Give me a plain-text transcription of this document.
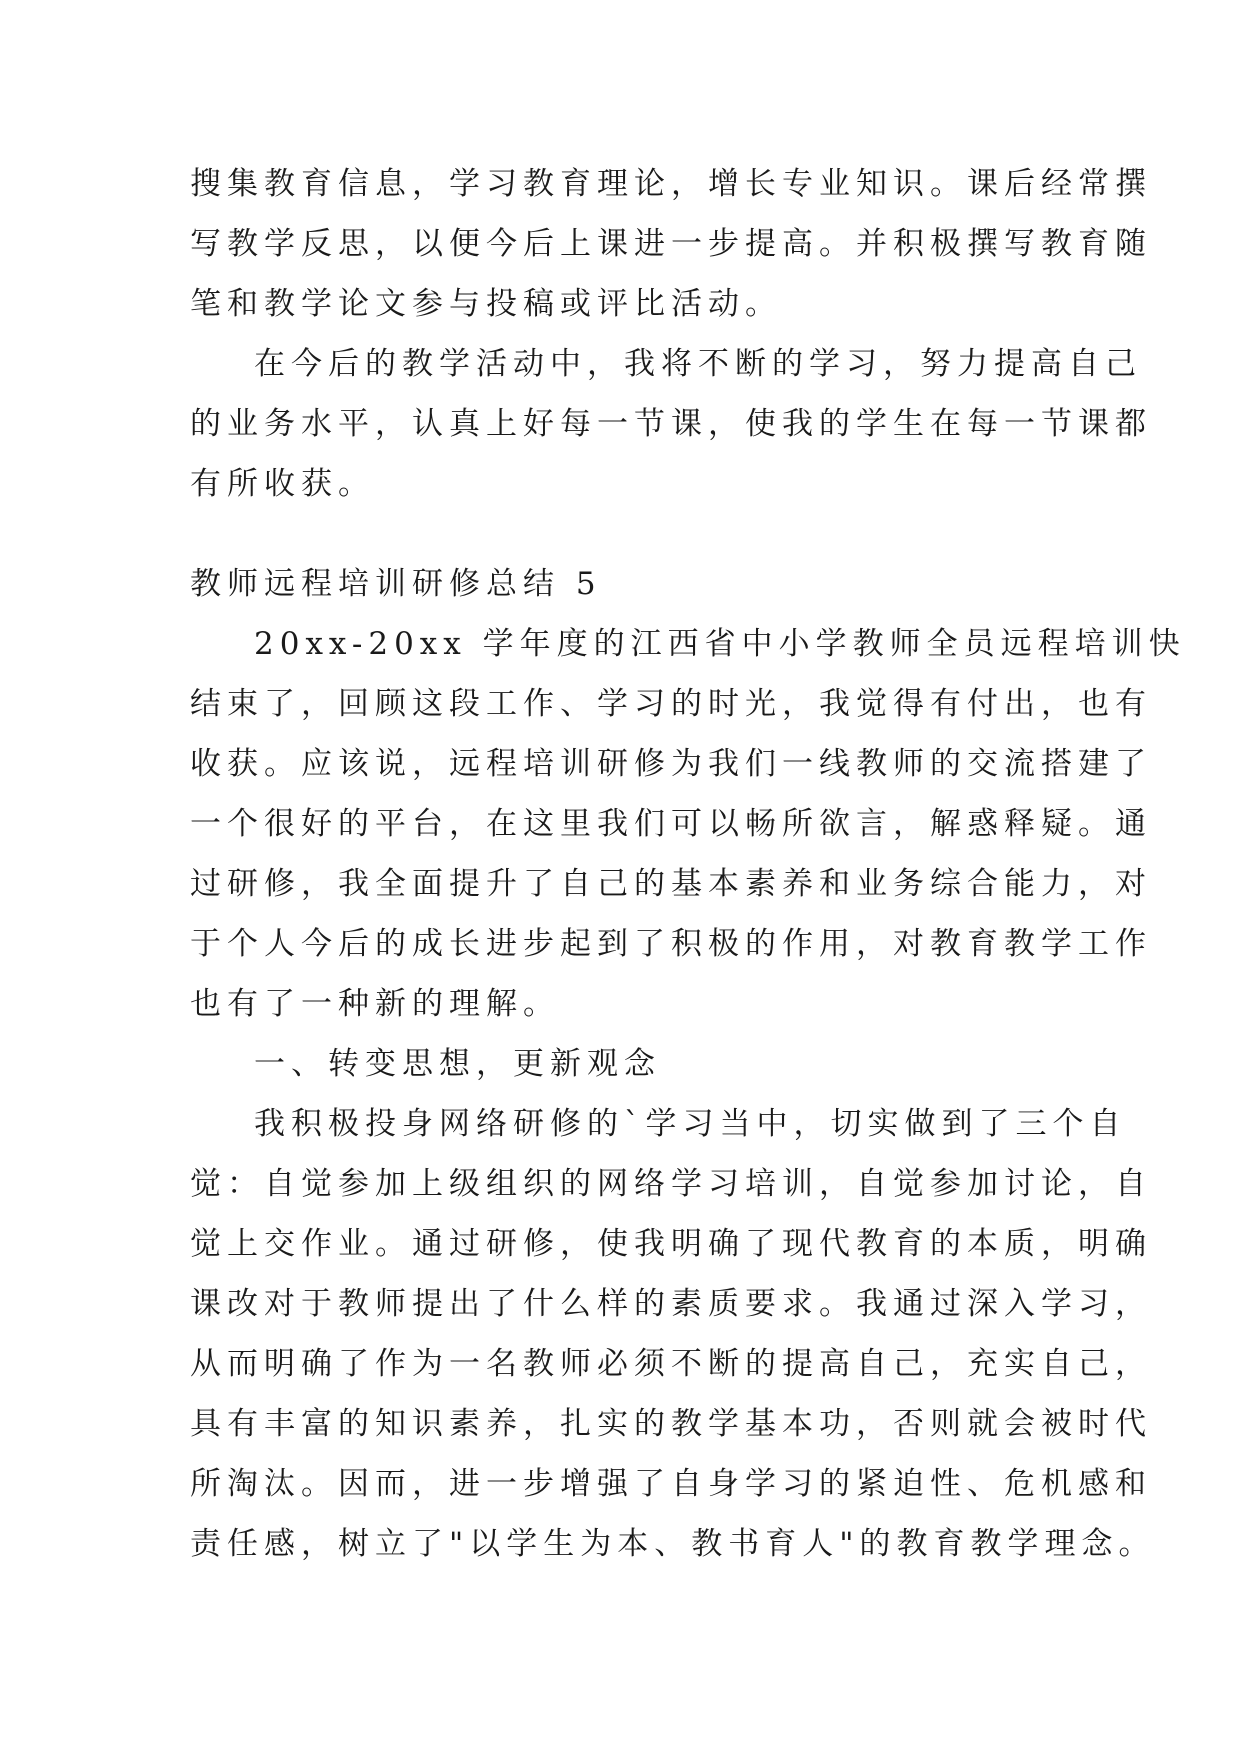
搜集教育信息，学习教育理论，增长专业知识。课后经常撰
写教学反思，以便今后上课进一步提高。并积极撰写教育随
笔和教学论文参与投稿或评比活动。
在今后的教学活动中，我将不断的学习，努力提高自己
的业务水平，认真上好每一节课，使我的学生在每一节课都
有所收获。
教师远程培训研修总结 5
20xx-20xx 学年度的江西省中小学教师全员远程培训快
结束了，回顾这段工作、学习的时光，我觉得有付出，也有
收获。应该说，远程培训研修为我们一线教师的交流搭建了
一个很好的平台，在这里我们可以畅所欲言，解惑释疑。通
过研修，我全面提升了自己的基本素养和业务综合能力，对
于个人今后的成长进步起到了积极的作用，对教育教学工作
也有了一种新的理解。
一、转变思想，更新观念
我积极投身网络研修的`学习当中，切实做到了三个自
觉：自觉参加上级组织的网络学习培训，自觉参加讨论，自
觉上交作业。通过研修，使我明确了现代教育的本质，明确
课改对于教师提出了什么样的素质要求。我通过深入学习，
从而明确了作为一名教师必须不断的提高自己，充实自己，
具有丰富的知识素养，扎实的教学基本功，否则就会被时代
所淘汰。因而，进一步增强了自身学习的紧迫性、危机感和
责任感，树立了"以学生为本、教书育人"的教育教学理念。
